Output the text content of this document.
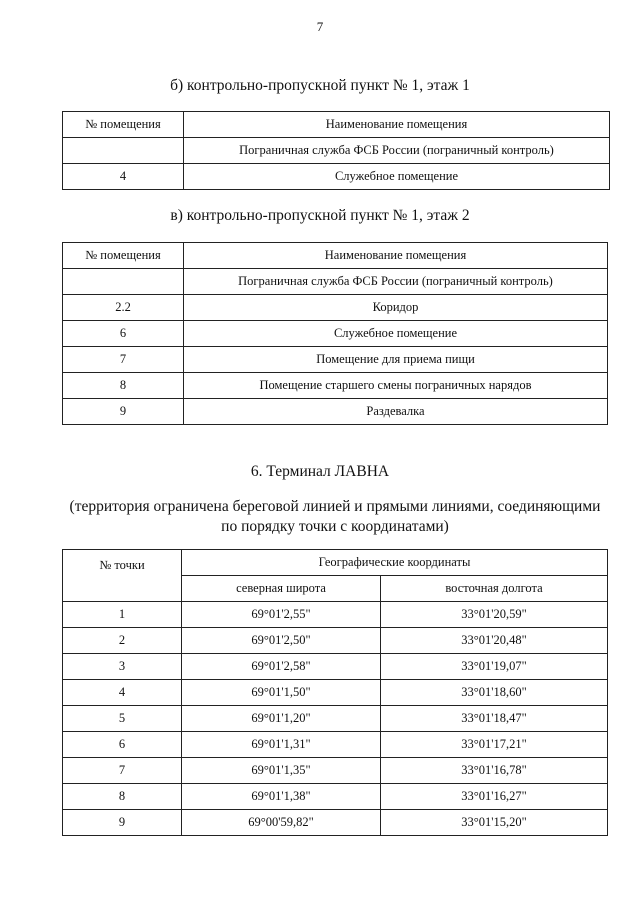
7
б) контрольно-пропускной пункт № 1, этаж 1
№ помещения	Наименование помещения
	Пограничная служба ФСБ России (пограничный контроль)
4	Служебное помещение
в) контрольно-пропускной пункт № 1, этаж 2
№ помещения	Наименование помещения
	Пограничная служба ФСБ России (пограничный контроль)
2.2	Коридор
6	Служебное помещение
7	Помещение для приема пищи
8	Помещение старшего смены пограничных нарядов
9	Раздевалка
6. Терминал ЛАВНА
(территория ограничена береговой линией и прямыми линиями, соединяющими по порядку точки с координатами)
№ точки	Географические координаты	
	северная широта	восточная долгота
1	69°01'2,55"	33°01'20,59"
2	69°01'2,50"	33°01'20,48"
3	69°01'2,58"	33°01'19,07"
4	69°01'1,50"	33°01'18,60"
5	69°01'1,20"	33°01'18,47"
6	69°01'1,31"	33°01'17,21"
7	69°01'1,35"	33°01'16,78"
8	69°01'1,38"	33°01'16,27"
9	69°00'59,82"	33°01'15,20"
